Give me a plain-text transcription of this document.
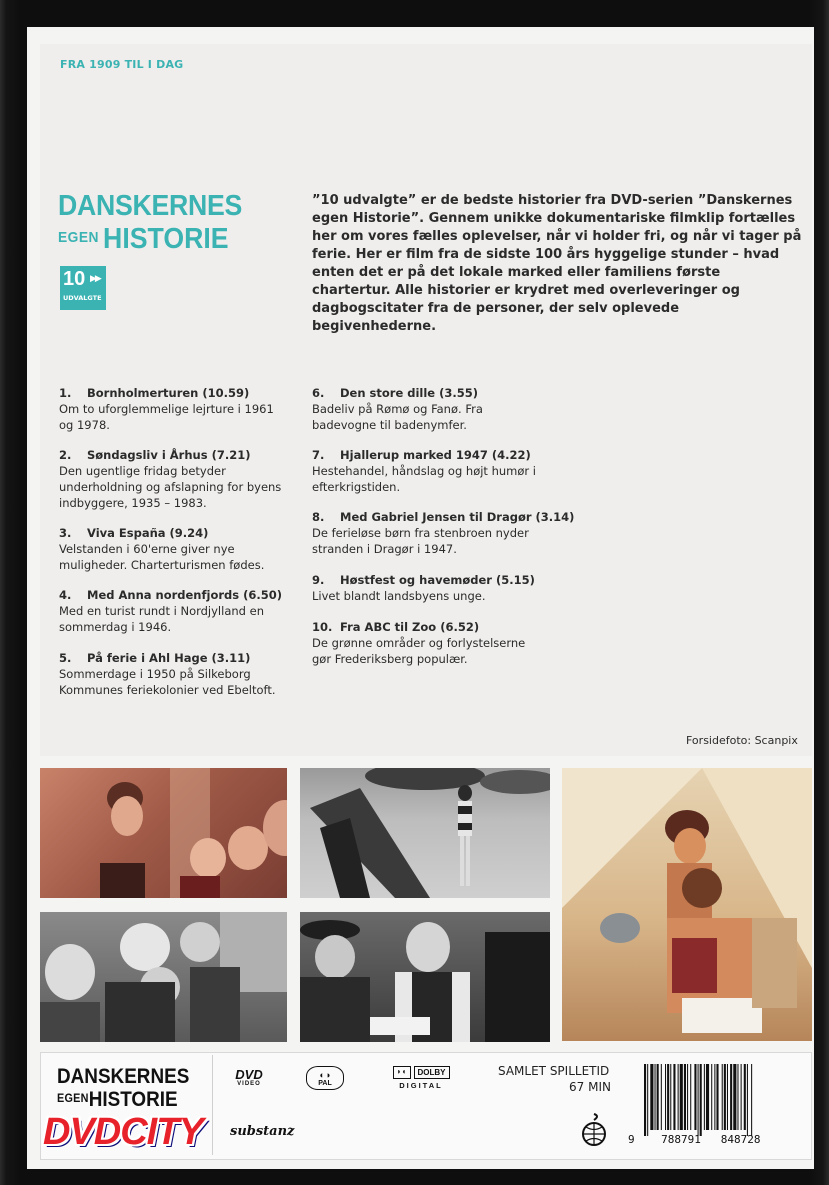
FRA 1909 TIL I DAG
DANSKERNES
EGEN HISTORIE
10 ▶▶
UDVALGTE
”10 udvalgte” er de bedste historier fra DVD-serien ”Danskernes egen Historie”. Gennem unikke dokumentariske filmklip fortælles her om vores fælles oplevelser, når vi holder fri, og når vi tager på ferie. Her er film fra de sidste 100 års hyggelige stunder – hvad enten det er på det lokale marked eller familiens første chartertur. Alle historier er krydret med overleveringer og dagbogscitater fra de personer, der selv oplevede begivenhederne.
1. Bornholmerturen (10.59)
Om to uforglemmelige lejrture i 1961 og 1978.
2. Søndagsliv i Århus (7.21)
Den ugentlige fridag betyder underholdning og afslapning for byens indbyggere, 1935 – 1983.
3. Viva España (9.24)
Velstanden i 60'erne giver nye muligheder. Charterturismen fødes.
4. Med Anna nordenfjords (6.50)
Med en turist rundt i Nordjylland en sommerdag i 1946.
5. På ferie i Ahl Hage (3.11)
Sommerdage i 1950 på Silkeborg Kommunes feriekolonier ved Ebeltoft.
6. Den store dille (3.55)
Badeliv på Rømø og Fanø. Fra badevogne til badenymfer.
7. Hjallerup marked 1947 (4.22)
Hestehandel, håndslag og højt humør i efterkrigstiden.
8. Med Gabriel Jensen til Dragør (3.14)
De ferieløse børn fra stenbroen nyder stranden i Dragør i 1947.
9. Høstfest og havemøder (5.15)
Livet blandt landsbyens unge.
10. Fra ABC til Zoo (6.52)
De grønne områder og forlystelserne gør Frederiksberg populær.
Forsidefoto: Scanpix
DANSKERNES
$^{EGEN}$HISTORIE
DVDCITY substanz
DVD
VIDEO
◐◑
PAL
◗◖	DOLBY
DIGITAL
SAMLET SPILLETID
67 MIN
9    788791   848728
